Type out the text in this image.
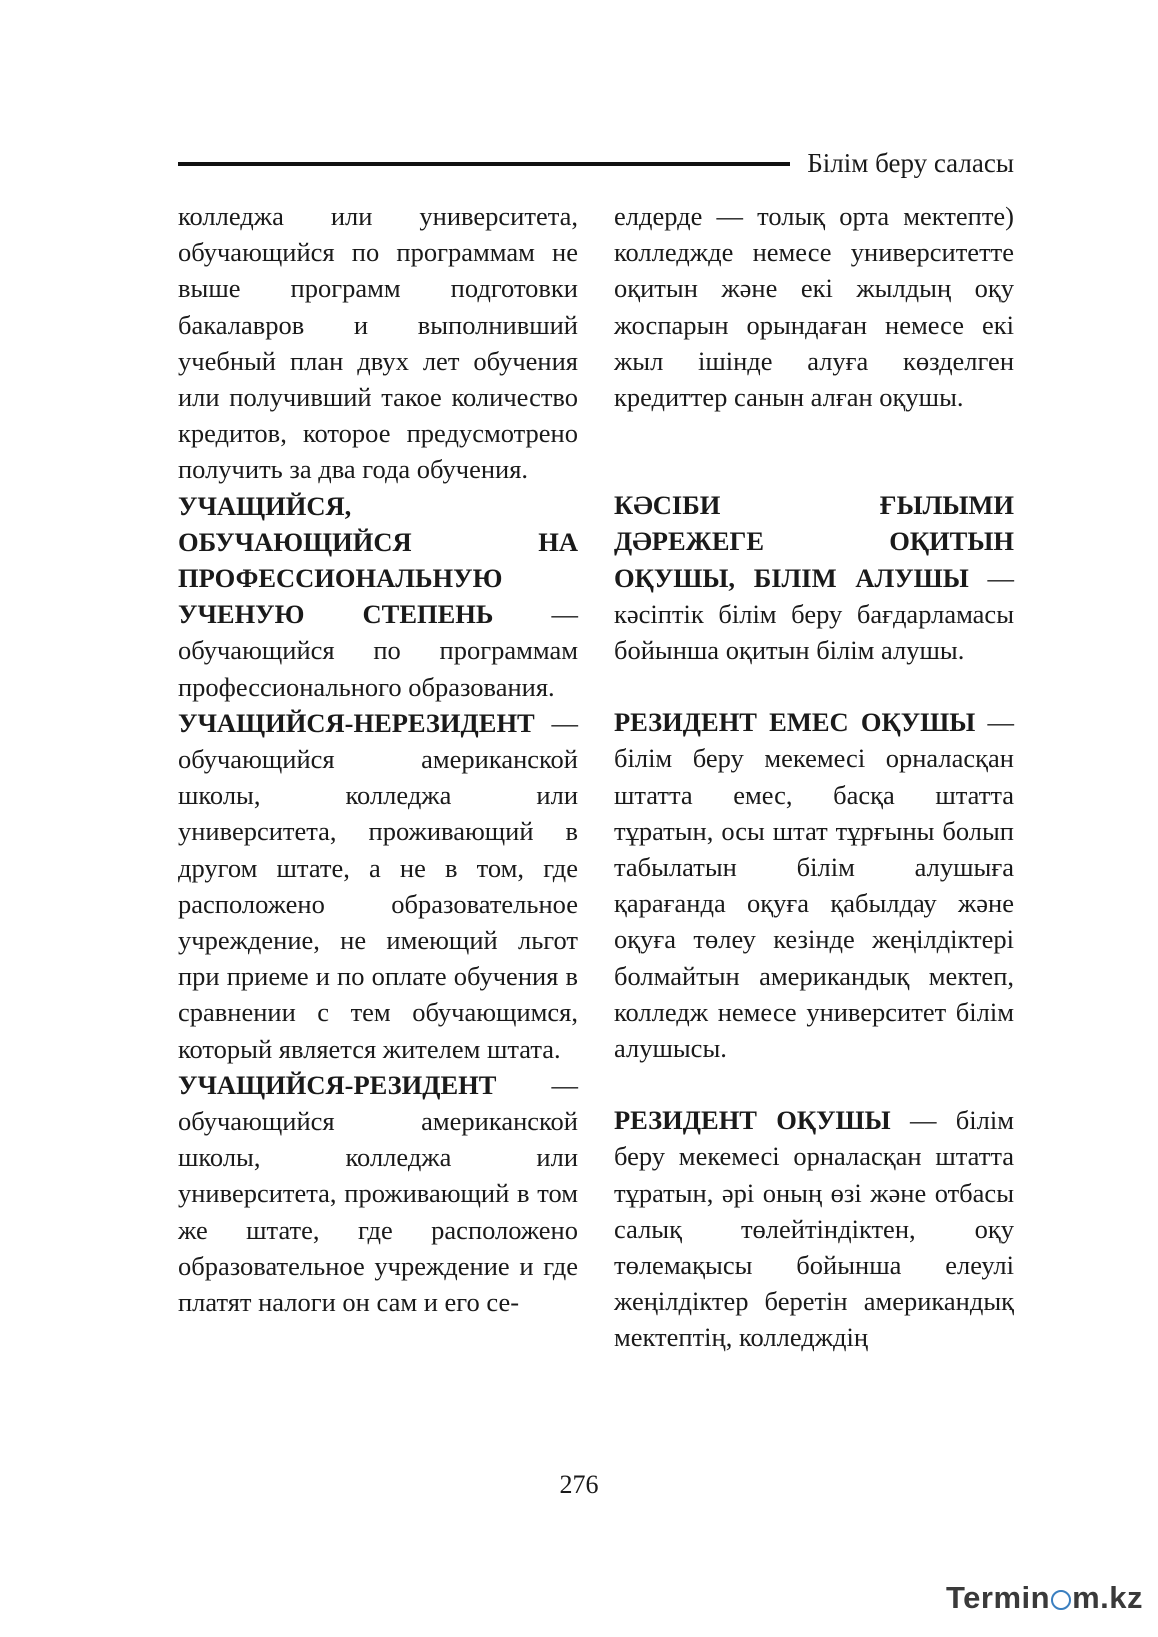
Білім беру саласы

колледжа или университета, обучающийся по программам не выше программ подготовки бакалавров и выполнивший учебный план двух лет обучения или получивший такое количество кредитов, которое предусмотрено получить за два года обучения.

УЧАЩИЙСЯ, ОБУЧАЮЩИЙСЯ НА ПРОФЕССИОНАЛЬНУЮ УЧЕНУЮ СТЕПЕНЬ — обучающийся по программам профессионального образования.

УЧАЩИЙСЯ-НЕРЕЗИДЕНТ — обучающийся американской школы, колледжа или университета, проживающий в другом штате, а не в том, где расположено образовательное учреждение, не имеющий льгот при приеме и по оплате обучения в сравнении с тем обучающимся, который является жителем штата.

УЧАЩИЙСЯ-РЕЗИДЕНТ — обучающийся американской школы, колледжа или университета, проживающий в том же штате, где расположено образовательное учреждение и где платят налоги он сам и его се-

елдерде — толық орта мектепте) колледжде немесе университетте оқитын және екі жылдың оқу жоспарын орындаған немесе екі жыл ішінде алуға көзделген кредиттер санын алған оқушы.

КӘСІБИ ҒЫЛЫМИ ДӘРЕЖЕГЕ ОҚИТЫН ОҚУШЫ, БІЛІМ АЛУШЫ — кәсіптік білім беру бағдарламасы бойынша оқитын білім алушы.

РЕЗИДЕНТ ЕМЕС ОҚУШЫ — білім беру мекемесі орналасқан штатта емес, басқа штатта тұратын, осы штат тұрғыны болып табылатын білім алушыға қарағанда оқуға қабылдау және оқуға төлеу кезінде жеңілдіктері болмайтын американдық мектеп, колледж немесе университет білім алушысы.

РЕЗИДЕНТ ОҚУШЫ — білім беру мекемесі орналасқан штатта тұратын, әрі оның өзі және отбасы салық төлейтіндіктен, оқу төлемақысы бойынша елеулі жеңілдіктер беретін американдық мектептің, колледждің

276
Termin m.kz
